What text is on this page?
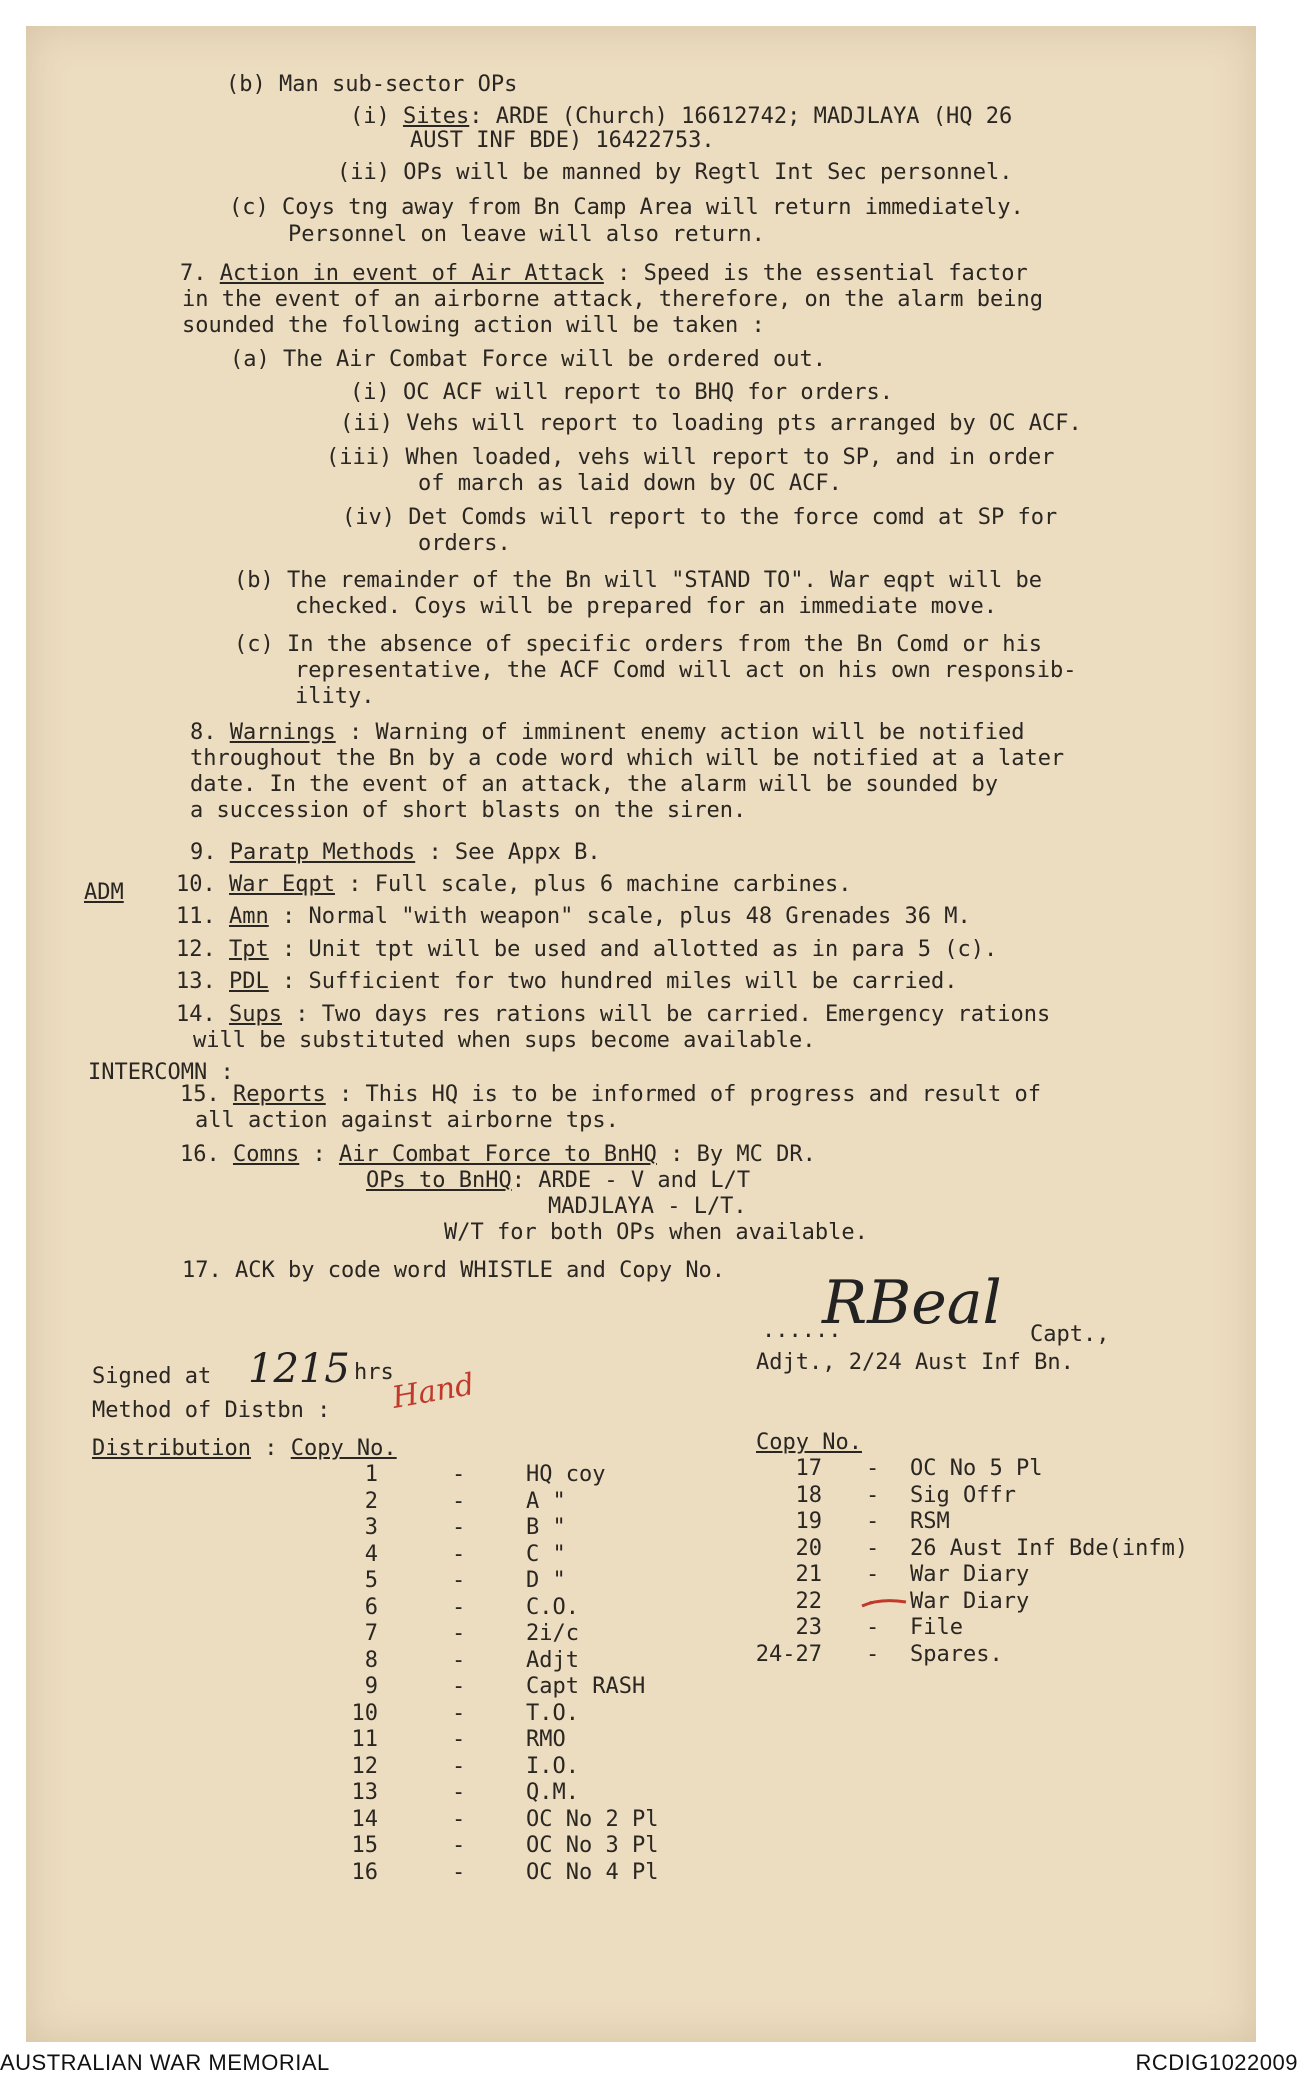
(b) Man sub-sector OPs
(i) Sites: ARDE (Church) 16612742; MADJLAYA (HQ 26
AUST INF BDE) 16422753.
(ii) OPs will be manned by Regtl Int Sec personnel.
(c) Coys tng away from Bn Camp Area will return immediately.
Personnel on leave will also return.
7. Action in event of Air Attack : Speed is the essential factor
in the event of an airborne attack, therefore, on the alarm being
sounded the following action will be taken :
(a) The Air Combat Force will be ordered out.
(i) OC ACF will report to BHQ for orders.
(ii) Vehs will report to loading pts arranged by OC ACF.
(iii) When loaded, vehs will report to SP, and in order
of march as laid down by OC ACF.
(iv) Det Comds will report to the force comd at SP for
orders.
(b) The remainder of the Bn will "STAND TO". War eqpt will be
checked. Coys will be prepared for an immediate move.
(c) In the absence of specific orders from the Bn Comd or his
representative, the ACF Comd will act on his own responsib-
ility.
8. Warnings : Warning of imminent enemy action will be notified
throughout the Bn by a code word which will be notified at a later
date. In the event of an attack, the alarm will be sounded by
a succession of short blasts on the siren.
9. Paratp Methods : See Appx B.
ADM 10. War Eqpt : Full scale, plus 6 machine carbines.
11. Amn : Normal "with weapon" scale, plus 48 Grenades 36 M.
12. Tpt : Unit tpt will be used and allotted as in para 5 (c).
13. PDL : Sufficient for two hundred miles will be carried.
14. Sups : Two days res rations will be carried. Emergency rations
will be substituted when sups become available.
INTERCOMN :
15. Reports : This HQ is to be informed of progress and result of
all action against airborne tps.
16. Comns : Air Combat Force to BnHQ : By MC DR.
OPs to BnHQ: ARDE - V and L/T
MADJLAYA - L/T.
W/T for both OPs when available.
17. ACK by code word WHISTLE and Copy No.
......
RBeal Capt.,
Adjt., 2/24 Aust Inf Bn.
Signed at 1215 hrs
Method of Distbn : Hand
Distribution : Copy No.	Copy No.
1	-	HQ coy
2	-	A "
3	-	B "
4	-	C "
5	-	D "
6	-	C.O.
7	-	2i/c
8	-	Adjt
9	-	Capt RASH
10	-	T.O.
11	-	RMO
12	-	I.O.
13	-	Q.M.
14	-	OC No 2 Pl
15	-	OC No 3 Pl
16	-	OC No 4 Pl
17 - OC No 5 Pl
18 - Sig Offr
19 - RSM
20 - 26 Aust Inf Bde(infm)
21 - War Diary
22 - War Diary
23 - File
24-27 - Spares.
AUSTRALIAN WAR MEMORIAL	RCDIG1022009
